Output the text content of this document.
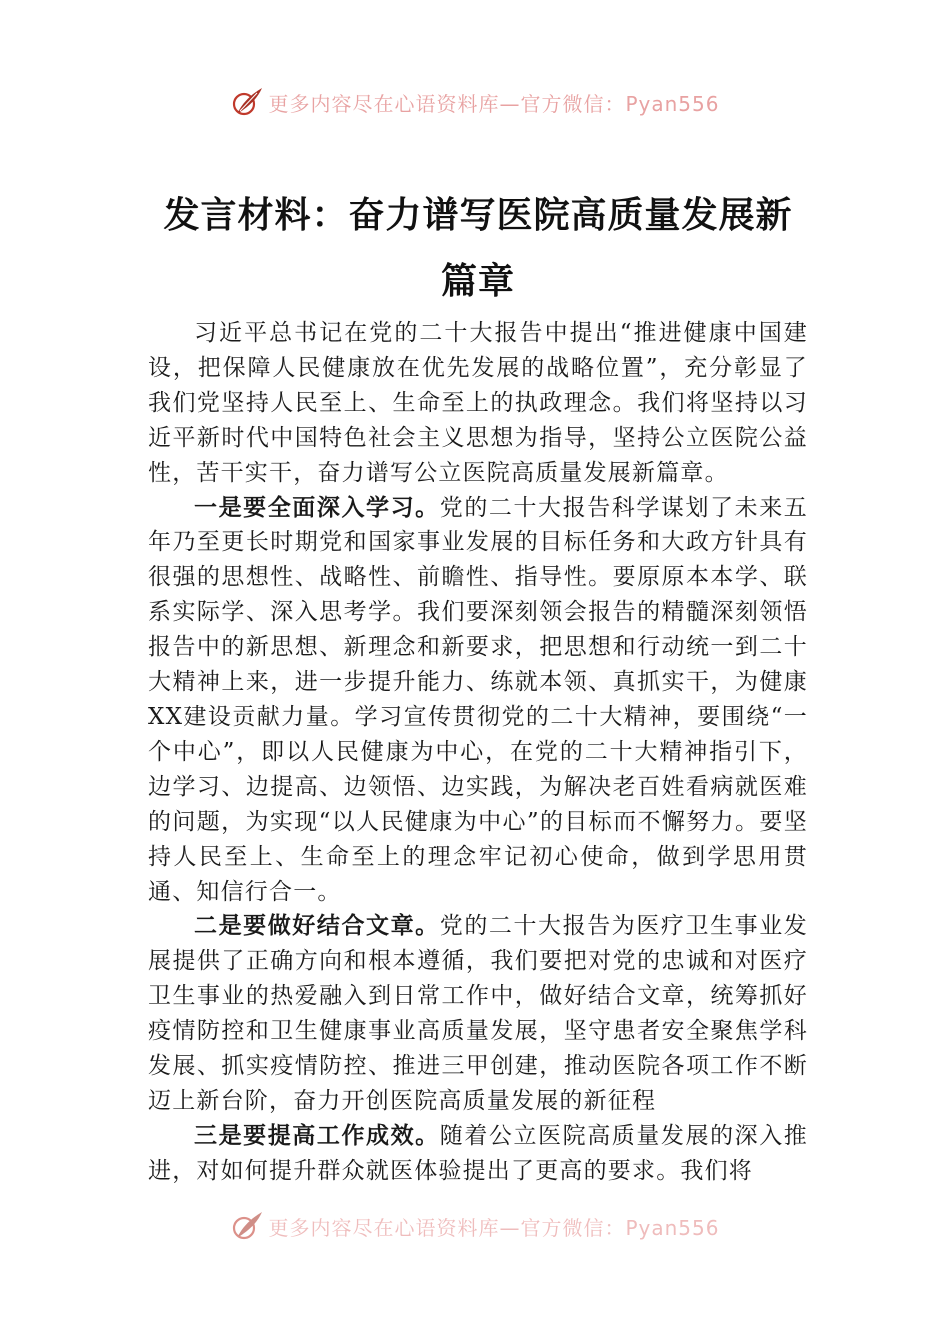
更多内容尽在心语资料库—官方微信：Pyan556
发言材料：奋力谱写医院高质量发展新篇章

习近平总书记在党的二十大报告中提出“推进健康中国建设，把保障人民健康放在优先发展的战略位置”，充分彰显了我们党坚持人民至上、生命至上的执政理念。我们将坚持以习近平新时代中国特色社会主义思想为指导，坚持公立医院公益性，苦干实干，奋力谱写公立医院高质量发展新篇章。

一是要全面深入学习。党的二十大报告科学谋划了未来五年乃至更长时期党和国家事业发展的目标任务和大政方针具有很强的思想性、战略性、前瞻性、指导性。要原原本本学、联系实际学、深入思考学。我们要深刻领会报告的精髓深刻领悟报告中的新思想、新理念和新要求，把思想和行动统一到二十大精神上来，进一步提升能力、练就本领、真抓实干，为健康XX建设贡献力量。学习宣传贯彻党的二十大精神，要围绕“一个中心”，即以人民健康为中心，在党的二十大精神指引下，边学习、边提高、边领悟、边实践，为解决老百姓看病就医难的问题，为实现“以人民健康为中心”的目标而不懈努力。要坚持人民至上、生命至上的理念牢记初心使命，做到学思用贯通、知信行合一。

二是要做好结合文章。党的二十大报告为医疗卫生事业发展提供了正确方向和根本遵循，我们要把对党的忠诚和对医疗卫生事业的热爱融入到日常工作中，做好结合文章，统筹抓好疫情防控和卫生健康事业高质量发展，坚守患者安全聚焦学科发展、抓实疫情防控、推进三甲创建，推动医院各项工作不断迈上新台阶，奋力开创医院高质量发展的新征程

三是要提高工作成效。随着公立医院高质量发展的深入推进，对如何提升群众就医体验提出了更高的要求。我们将

更多内容尽在心语资料库—官方微信：Pyan556
